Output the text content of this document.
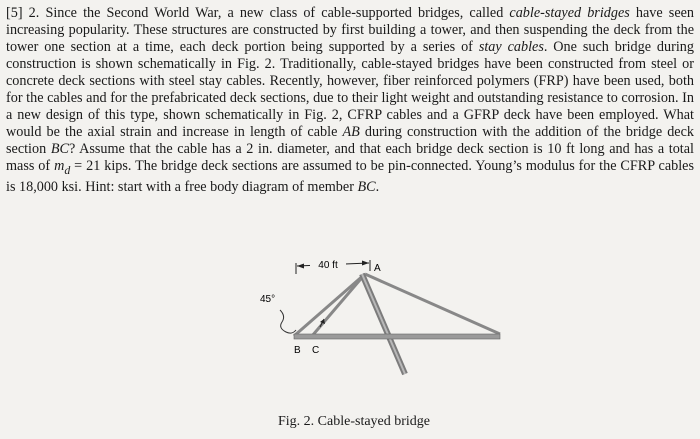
[5] 2. Since the Second World War, a new class of cable-supported bridges, called cable-stayed bridges have seen increasing popularity. These structures are constructed by first building a tower, and then suspending the deck from the tower one section at a time, each deck portion being supported by a series of stay cables. One such bridge during construction is shown schematically in Fig. 2. Traditionally, cable-stayed bridges have been constructed from steel or concrete deck sections with steel stay cables. Recently, however, fiber reinforced polymers (FRP) have been used, both for the cables and for the prefabricated deck sections, due to their light weight and outstanding resistance to corrosion. In a new design of this type, shown schematically in Fig. 2, CFRP cables and a GFRP deck have been employed. What would be the axial strain and increase in length of cable AB during construction with the addition of the bridge deck section BC? Assume that the cable has a 2 in. diameter, and that each bridge deck section is 10 ft long and has a total mass of $m_d = 21$ kips. The bridge deck sections are assumed to be pin-connected. Young’s modulus for the CFRP cables is 18,000 ksi. Hint: start with a free body diagram of member BC.

40 ft
45°
A
B C
Fig. 2. Cable-stayed bridge
